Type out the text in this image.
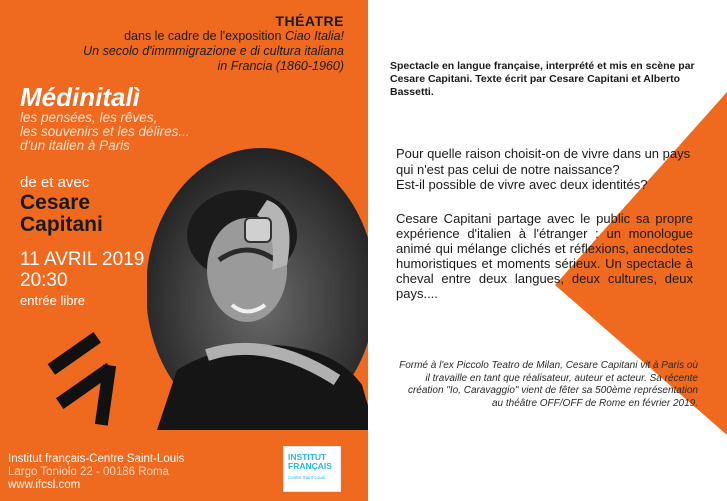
THÉATRE
dans le cadre de l'exposition Ciao Italia!
Un secolo d'immmigrazione e di cultura italiana
in Francia (1860-1960)
Médinitalì
les pensées, les rêves,
les souvenirs et les délires...
d'un italien à Paris
de et avec
Cesare
Capitani
11 AVRIL 2019
20:30
entrée libre
Institut français-Centre Saint-Louis
Largo Toniolo 22 - 00186 Roma
www.ifcsl.com
INSTITUT
FRANÇAIS
Centre Saint-Louis
Spectacle en langue française, interprété et mis en scène par Cesare Capitani. Texte écrit par Cesare Capitani et Alberto Bassetti.
Pour quelle raison choisit-on de vivre dans un pays qui n'est pas celui de notre naissance?
Est-il possible de vivre avec deux identités?
Cesare Capitani partage avec le public sa propre expérience d'italien à l'étranger : un monologue animé qui mélange clichés et réflexions, anecdotes humoristiques et moments sérieux. Un spectacle à cheval entre deux langues, deux cultures, deux pays....
Formé à l'ex Piccolo Teatro de Milan, Cesare Capitani vit à Paris où il travaille en tant que réalisateur, auteur et acteur. Sa récente création "Io, Caravaggio" vient de fêter sa 500ème représentation au théâtre OFF/OFF de Rome en février 2019.
